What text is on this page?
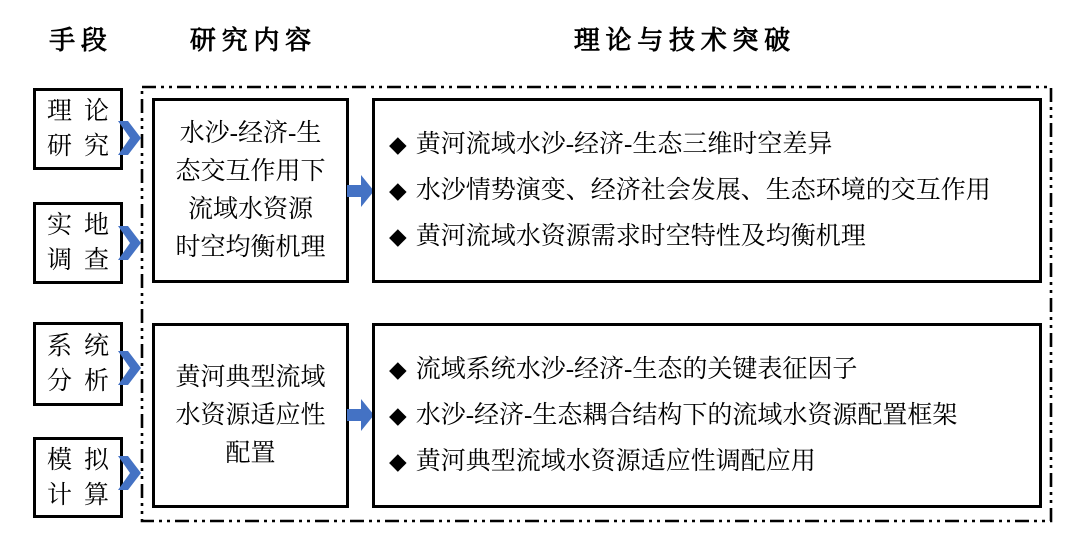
手段	研究内容	理论与技术突破
理论
研究
实地
调查
系统
分析
模拟
计算
水沙-经济-生
态交互作用下
流域水资源
时空均衡机理
黄河典型流域
水资源适应性
配置
◆ 黄河流域水沙-经济-生态三维时空差异
◆ 水沙情势演变、经济社会发展、生态环境的交互作用
◆ 黄河流域水资源需求时空特性及均衡机理
◆ 流域系统水沙-经济-生态的关键表征因子
◆ 水沙-经济-生态耦合结构下的流域水资源配置框架
◆ 黄河典型流域水资源适应性调配应用
